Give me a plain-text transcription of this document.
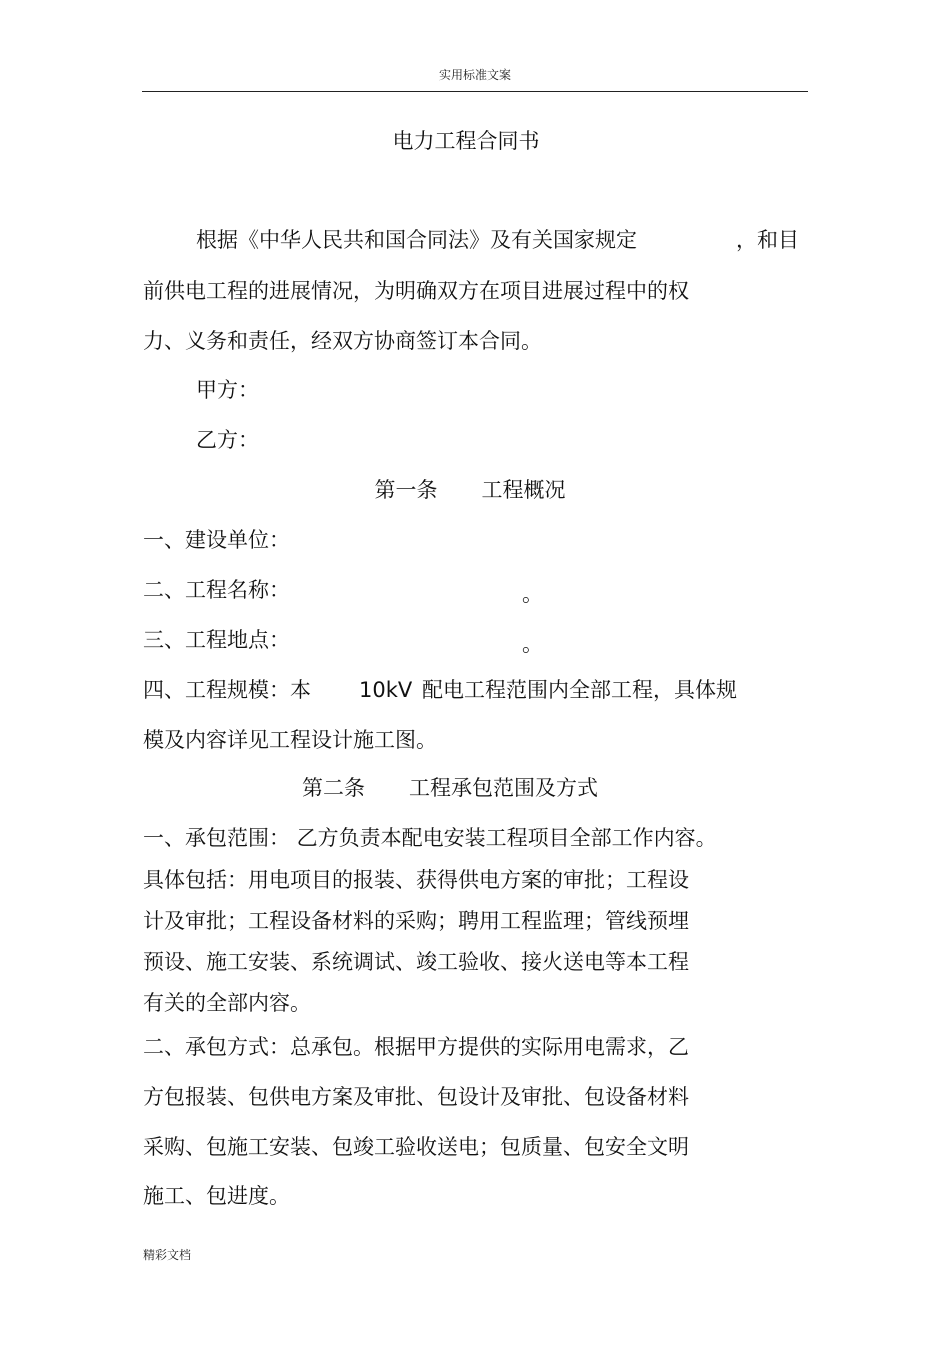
实用标准文案
电力工程合同书
根据《中华人民共和国合同法》及有关国家规定	，和目
前供电工程的进展情况，为明确双方在项目进展过程中的权
力、义务和责任，经双方协商签订本合同。
甲方：
乙方：
第一条 工程概况
一、建设单位：
二、工程名称：	。
三、工程地点：	。
四、工程规模：本 10kV 配电工程范围内全部工程，具体规
模及内容详见工程设计施工图。
第二条 工程承包范围及方式
一、承包范围： 乙方负责本配电安装工程项目全部工作内容。
具体包括：用电项目的报装、获得供电方案的审批；工程设
计及审批；工程设备材料的采购；聘用工程监理；管线预埋
预设、施工安装、系统调试、竣工验收、接火送电等本工程
有关的全部内容。
二、承包方式：总承包。根据甲方提供的实际用电需求，乙
方包报装、包供电方案及审批、包设计及审批、包设备材料
采购、包施工安装、包竣工验收送电；包质量、包安全文明
施工、包进度。
精彩文档
